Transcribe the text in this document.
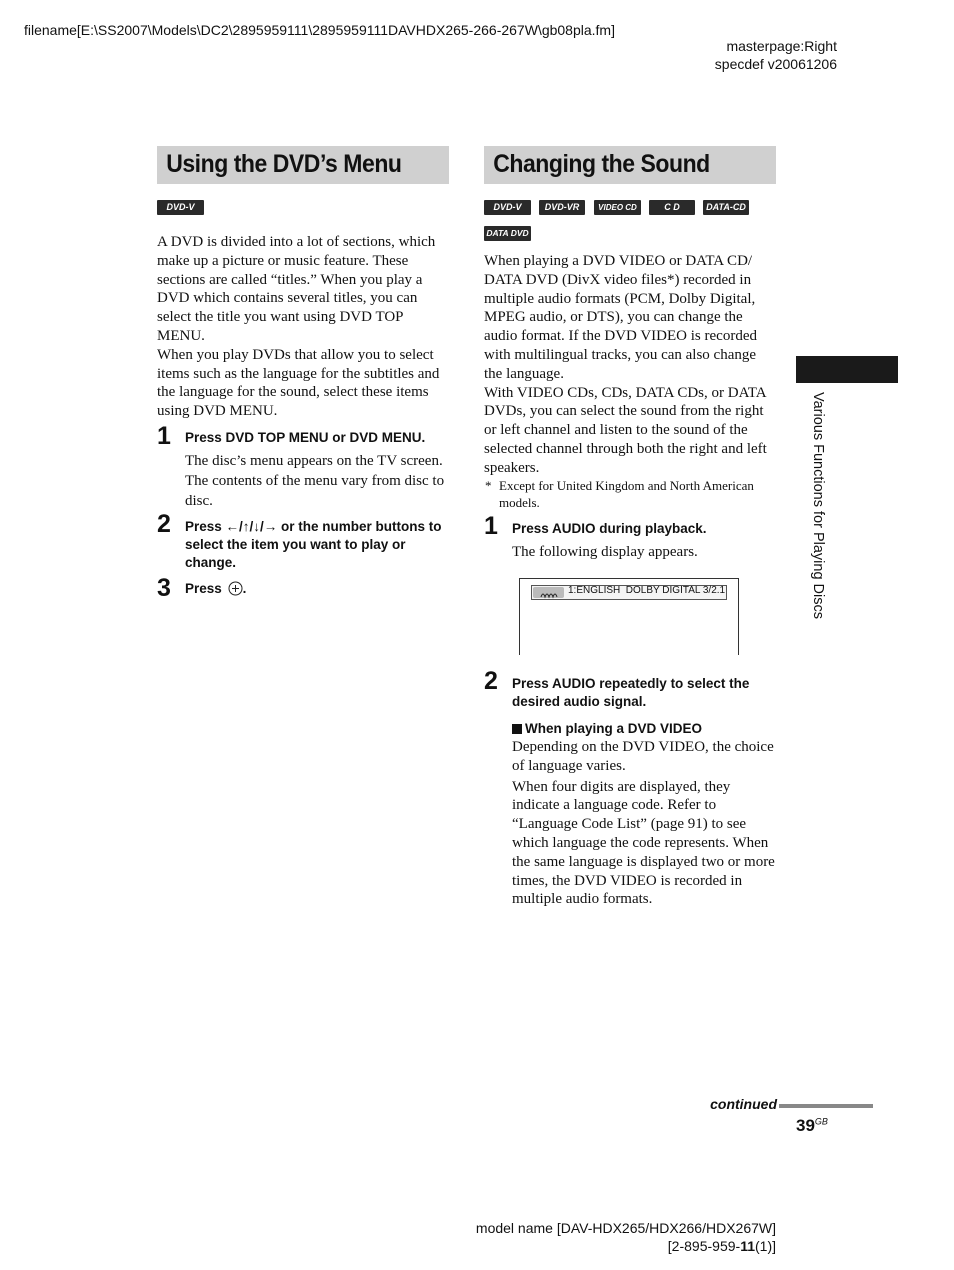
filename[E:\SS2007\Models\DC2\2895959111\2895959111DAVHDX265-266-267W\gb08pla.fm]
masterpage:Right
specdef v20061206
Using the DVD’s Menu
DVD-V

A DVD is divided into a lot of sections, which make up a picture or music feature. These sections are called “titles.” When you play a DVD which contains several titles, you can select the title you want using DVD TOP MENU.

When you play DVDs that allow you to select items such as the language for the subtitles and the language for the sound, select these items using DVD MENU.

1 Press DVD TOP MENU or DVD MENU.
The disc’s menu appears on the TV screen. The contents of the menu vary from disc to disc.
2 Press ←/↑/↓/→ or the number buttons to select the item you want to play or change.
3 Press .
Changing the Sound
DVD-V	DVD-VR	VIDEO CD	C D	DATA-CD
DATA DVD

When playing a DVD VIDEO or DATA CD/ DATA DVD (DivX video files*) recorded in multiple audio formats (PCM, Dolby Digital, MPEG audio, or DTS), you can change the audio format. If the DVD VIDEO is recorded with multilingual tracks, you can also change the language.

With VIDEO CDs, CDs, DATA CDs, or DATA DVDs, you can select the sound from the right or left channel and listen to the sound of the selected channel through both the right and left speakers.

* Except for United Kingdom and North American models.
1 Press AUDIO during playback.
The following display appears.
1:ENGLISH  DOLBY DIGITAL 3/2.1
2 Press AUDIO repeatedly to select the desired audio signal.
When playing a DVD VIDEO

Depending on the DVD VIDEO, the choice of language varies.

When four digits are displayed, they indicate a language code. Refer to “Language Code List” (page 91) to see which language the code represents. When the same language is displayed two or more times, the DVD VIDEO is recorded in multiple audio formats.

Various Functions for Playing Discs
continued
$39^{GB}$
model name [DAV-HDX265/HDX266/HDX267W]
[2-895-959-11(1)]
